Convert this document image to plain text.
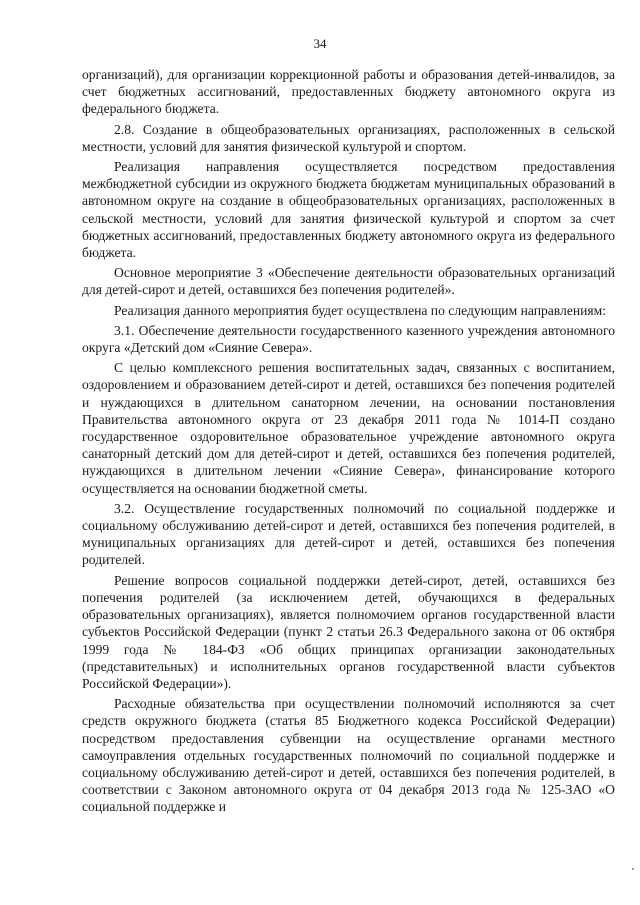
34

организаций), для организации коррекционной работы и образования детей-инвалидов, за счет бюджетных ассигнований, предоставленных бюджету автономного округа из федерального бюджета.

2.8. Создание в общеобразовательных организациях, расположенных в сельской местности, условий для занятия физической культурой и спортом.

Реализация направления осуществляется посредством предоставления межбюджетной субсидии из окружного бюджета бюджетам муниципальных образований в автономном округе на создание в общеобразовательных организациях, расположенных в сельской местности, условий для занятия физической культурой и спортом за счет бюджетных ассигнований, предоставленных бюджету автономного округа из федерального бюджета.

Основное мероприятие 3 «Обеспечение деятельности образовательных организаций для детей-сирот и детей, оставшихся без попечения родителей».

Реализация данного мероприятия будет осуществлена по следующим направлениям:

3.1. Обеспечение деятельности государственного казенного учреждения автономного округа «Детский дом «Сияние Севера».

С целью комплексного решения воспитательных задач, связанных с воспитанием, оздоровлением и образованием детей-сирот и детей, оставшихся без попечения родителей и нуждающихся в длительном санаторном лечении, на основании постановления Правительства автономного округа от 23 декабря 2011 года № 1014-П создано государственное оздоровительное образовательное учреждение автономного округа санаторный детский дом для детей-сирот и детей, оставшихся без попечения родителей, нуждающихся в длительном лечении «Сияние Севера», финансирование которого осуществляется на основании бюджетной сметы.

3.2. Осуществление государственных полномочий по социальной поддержке и социальному обслуживанию детей-сирот и детей, оставшихся без попечения родителей, в муниципальных организациях для детей-сирот и детей, оставшихся без попечения родителей.

Решение вопросов социальной поддержки детей-сирот, детей, оставшихся без попечения родителей (за исключением детей, обучающихся в федеральных образовательных организациях), является полномочием органов государственной власти субъектов Российской Федерации (пункт 2 статьи 26.3 Федерального закона от 06 октября 1999 года № 184-ФЗ «Об общих принципах организации законодательных (представительных) и исполнительных органов государственной власти субъектов Российской Федерации»).

Расходные обязательства при осуществлении полномочий исполняются за счет средств окружного бюджета (статья 85 Бюджетного кодекса Российской Федерации) посредством предоставления субвенции на осуществление органами местного самоуправления отдельных государственных полномочий по социальной поддержке и социальному обслуживанию детей-сирот и детей, оставшихся без попечения родителей, в соответствии с Законом автономного округа от 04 декабря 2013 года № 125-ЗАО «О социальной поддержке и
